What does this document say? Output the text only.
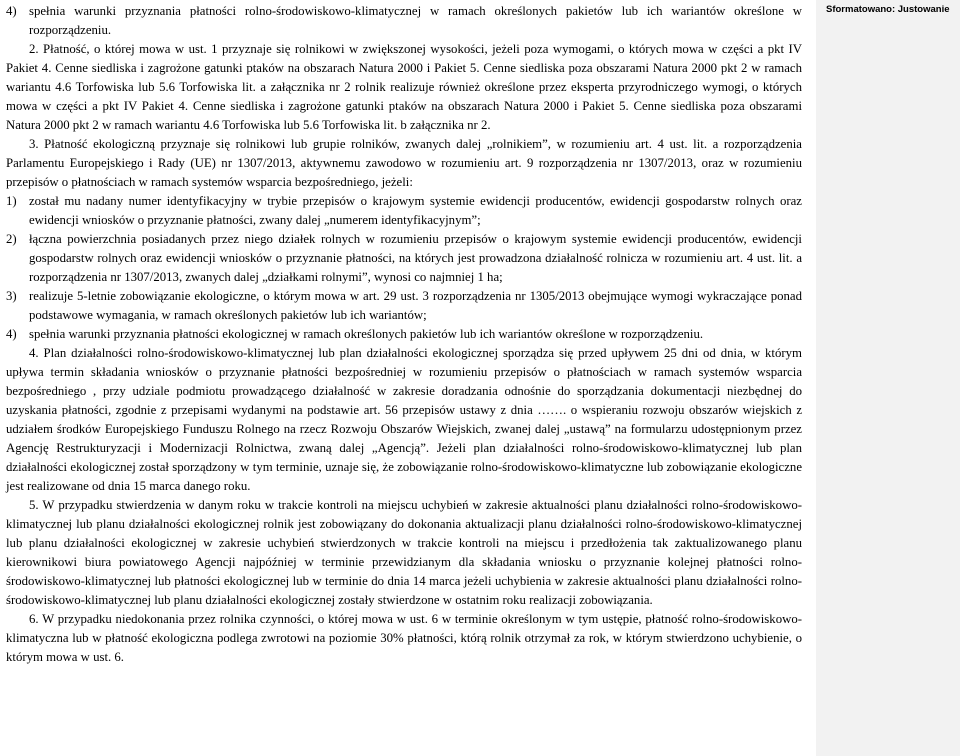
Sformatowano: Justowanie

4) spełnia warunki przyznania płatności rolno-środowiskowo-klimatycznej w ramach określonych pakietów lub ich wariantów określone w rozporządzeniu.

2. Płatność, o której mowa w ust. 1 przyznaje się rolnikowi w zwiększonej wysokości, jeżeli poza wymogami, o których mowa w części a pkt IV Pakiet 4. Cenne siedliska i zagrożone gatunki ptaków na obszarach Natura 2000 i Pakiet 5. Cenne siedliska poza obszarami Natura 2000 pkt 2 w ramach wariantu 4.6 Torfowiska lub 5.6 Torfowiska lit. a załącznika nr 2 rolnik realizuje również określone przez eksperta przyrodniczego wymogi, o których mowa w części a pkt IV Pakiet 4. Cenne siedliska i zagrożone gatunki ptaków na obszarach Natura 2000 i Pakiet 5. Cenne siedliska poza obszarami Natura 2000 pkt 2 w ramach wariantu 4.6 Torfowiska lub 5.6 Torfowiska lit. b załącznika nr 2.

3. Płatność ekologiczną przyznaje się rolnikowi lub grupie rolników, zwanych dalej „rolnikiem”, w rozumieniu art. 4 ust. lit. a rozporządzenia Parlamentu Europejskiego i Rady (UE) nr 1307/2013, aktywnemu zawodowo w rozumieniu art. 9 rozporządzenia nr 1307/2013, oraz w rozumieniu przepisów o płatnościach w ramach systemów wsparcia bezpośredniego, jeżeli:

1) został mu nadany numer identyfikacyjny w trybie przepisów o krajowym systemie ewidencji producentów, ewidencji gospodarstw rolnych oraz ewidencji wniosków o przyznanie płatności, zwany dalej „numerem identyfikacyjnym”;

2) łączna powierzchnia posiadanych przez niego działek rolnych w rozumieniu przepisów o krajowym systemie ewidencji producentów, ewidencji gospodarstw rolnych oraz ewidencji wniosków o przyznanie płatności, na których jest prowadzona działalność rolnicza w rozumieniu art. 4 ust. lit. a rozporządzenia nr 1307/2013, zwanych dalej „działkami rolnymi”, wynosi co najmniej 1 ha;

3) realizuje 5-letnie zobowiązanie ekologiczne, o którym mowa w art. 29 ust. 3 rozporządzenia nr 1305/2013 obejmujące wymogi wykraczające ponad podstawowe wymagania, w ramach określonych pakietów lub ich wariantów;

4) spełnia warunki przyznania płatności ekologicznej w ramach określonych pakietów lub ich wariantów określone w rozporządzeniu.

4. Plan działalności rolno-środowiskowo-klimatycznej lub plan działalności ekologicznej sporządza się przed upływem 25 dni od dnia, w którym upływa termin składania wniosków o przyznanie płatności bezpośredniej w rozumieniu przepisów o płatnościach w ramach systemów wsparcia bezpośredniego , przy udziale podmiotu prowadzącego działalność w zakresie doradzania odnośnie do sporządzania dokumentacji niezbędnej do uzyskania płatności, zgodnie z przepisami wydanymi na podstawie art. 56 przepisów ustawy z dnia ……. o wspieraniu rozwoju obszarów wiejskich z udziałem środków Europejskiego Funduszu Rolnego na rzecz Rozwoju Obszarów Wiejskich, zwanej dalej „ustawą” na formularzu udostępnionym przez Agencję Restrukturyzacji i Modernizacji Rolnictwa, zwaną dalej „Agencją”. Jeżeli plan działalności rolno-środowiskowo-klimatycznej lub plan działalności ekologicznej został sporządzony w tym terminie, uznaje się, że zobowiązanie rolno-środowiskowo-klimatyczne lub zobowiązanie ekologiczne jest realizowane od dnia 15 marca danego roku.

5. W przypadku stwierdzenia w danym roku w trakcie kontroli na miejscu uchybień w zakresie aktualności planu działalności rolno-środowiskowo-klimatycznej lub planu działalności ekologicznej rolnik jest zobowiązany do dokonania aktualizacji planu działalności rolno-środowiskowo-klimatycznej lub planu działalności ekologicznej w zakresie uchybień stwierdzonych w trakcie kontroli na miejscu i przedłożenia tak zaktualizowanego planu kierownikowi biura powiatowego Agencji najpóźniej w terminie przewidzianym dla składania wniosku o przyznanie kolejnej płatności rolno-środowiskowo-klimatycznej lub płatności ekologicznej lub w terminie do dnia 14 marca jeżeli uchybienia w zakresie aktualności planu działalności rolno-środowiskowo-klimatycznej lub planu działalności ekologicznej zostały stwierdzone w ostatnim roku realizacji zobowiązania.

6. W przypadku niedokonania przez rolnika czynności, o której mowa w ust. 6 w terminie określonym w tym ustępie, płatność rolno-środowiskowo-klimatyczna lub w płatność ekologiczna podlega zwrotowi na poziomie 30% płatności, którą rolnik otrzymał za rok, w którym stwierdzono uchybienie, o którym mowa w ust. 6.
